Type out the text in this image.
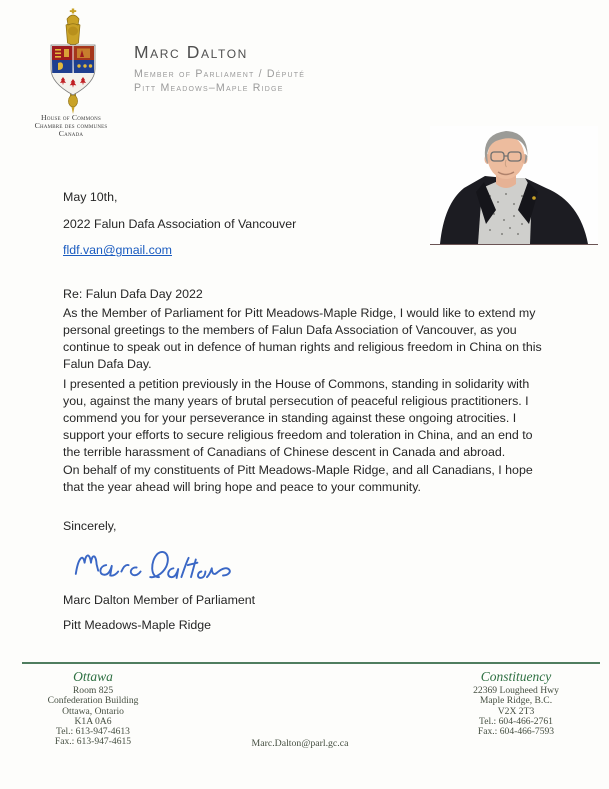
House of Commons
Chambre des communes
Canada
Marc Dalton
Member of Parliament / Député
Pitt Meadows–Maple Ridge

May 10th,

2022 Falun Dafa Association of Vancouver

fldf.van@gmail.com

Re: Falun Dafa Day 2022

As the Member of Parliament for Pitt Meadows-Maple Ridge, I would like to extend my personal greetings to the members of Falun Dafa Association of Vancouver, as you continue to speak out in defence of human rights and religious freedom in China on this Falun Dafa Day.

I presented a petition previously in the House of Commons, standing in solidarity with you, against the many years of brutal persecution of peaceful religious practitioners. I commend you for your perseverance in standing against these ongoing atrocities. I support your efforts to secure religious freedom and toleration in China, and an end to the terrible harassment of Canadians of Chinese descent in Canada and abroad.

On behalf of my constituents of Pitt Meadows-Maple Ridge, and all Canadians, I hope that the year ahead will bring hope and peace to your community.

Sincerely,

Marc Dalton Member of Parliament

Pitt Meadows-Maple Ridge

Ottawa
Room 825
Confederation Building
Ottawa, Ontario
K1A 0A6
Tel.: 613-947-4613
Fax.: 613-947-4615
Constituency
22369 Lougheed Hwy
Maple Ridge, B.C.
V2X 2T3
Tel.: 604-466-2761
Fax.: 604-466-7593
Marc.Dalton@parl.gc.ca
